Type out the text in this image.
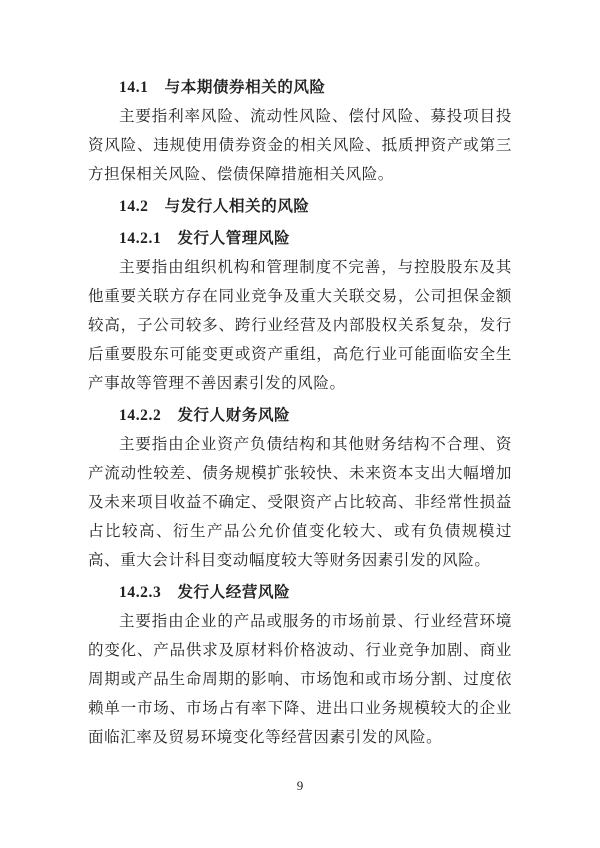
14.1　与本期债券相关的风险

主要指利率风险、流动性风险、偿付风险、募投项目投资风险、违规使用债券资金的相关风险、抵质押资产或第三方担保相关风险、偿债保障措施相关风险。

14.2　与发行人相关的风险

14.2.1　发行人管理风险

主要指由组织机构和管理制度不完善，与控股股东及其他重要关联方存在同业竞争及重大关联交易，公司担保金额较高，子公司较多、跨行业经营及内部股权关系复杂，发行后重要股东可能变更或资产重组，高危行业可能面临安全生产事故等管理不善因素引发的风险。

14.2.2　发行人财务风险

主要指由企业资产负债结构和其他财务结构不合理、资产流动性较差、债务规模扩张较快、未来资本支出大幅增加及未来项目收益不确定、受限资产占比较高、非经常性损益占比较高、衍生产品公允价值变化较大、或有负债规模过高、重大会计科目变动幅度较大等财务因素引发的风险。

14.2.3　发行人经营风险

主要指由企业的产品或服务的市场前景、行业经营环境的变化、产品供求及原材料价格波动、行业竞争加剧、商业周期或产品生命周期的影响、市场饱和或市场分割、过度依赖单一市场、市场占有率下降、进出口业务规模较大的企业面临汇率及贸易环境变化等经营因素引发的风险。

9
